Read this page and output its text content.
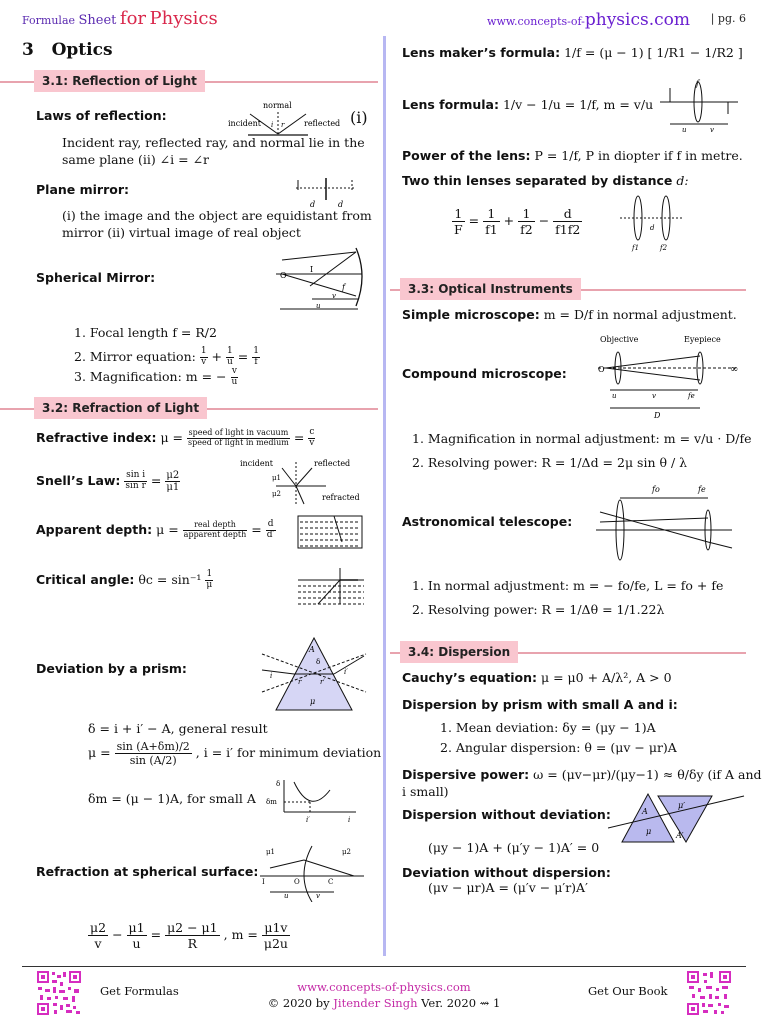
Formulae Sheet for Physics	www.concepts-of-physics.com | pg. 6
3 Optics
3.1: Reflection of Light
Laws of reflection:
normal
incident	reflected
i r	(i)
Incident ray, reflected ray, and normal lie in the same plane (ii) ∠i = ∠r
Plane mirror:
d	d
(i) the image and the object are equidistant from mirror (ii) virtual image of real object
Spherical Mirror:	O
I
f
v
u
1. Focal length f = R/2
2. Mirror equation: $\frac{1}{v} + \frac{1}{u} = \frac{1}{f}$
3. Magnification: m = − $\frac{v}{u}$
3.2: Refraction of Light
Refractive index: $\mu = \frac{\text{speed of light in vacuum}}{\text{speed of light in medium}} = \frac{c}{v}$
Snell’s Law: $\frac{\text{sin i}}{\text{sin r}} = \frac{\mu 2}{\mu 1}$
incident	reflected
refracted
μ1
μ2
Apparent depth: $\mu = \frac{\text{real depth}}{\text{apparent depth}} = \frac{d}{d'}$
Critical angle: $\theta c = \sin^{-1} \frac{1}{\mu}$
Deviation by a prism:
A
δ
i
r	r′
i′
μ
δ = i + i′ − A, general result
$\mu = \frac{\sin (A+\delta m)/2}{\sin (A/2)}$ , i = i′ for minimum deviation
δm = (μ − 1)A, for small A
δ
δm
i′	i
Refraction at spherical surface:
μ1	μ2
I	O	C
u	v
$\frac{\mu 2}{v} - \frac{\mu 1}{u} = \frac{\mu 2 - \mu 1}{R}$ , $m = \frac{\mu 1v}{\mu 2u}$
Lens maker’s formula: 1/f = (μ − 1) [ 1/R1 − 1/R2 ]
Lens formula: 1/v − 1/u = 1/f, m = v/u
f
u	v
Power of the lens: P = 1/f, P in diopter if f in metre.
Two thin lenses separated by distance d:
$\frac{1}{F} = \frac{1}{f1} + \frac{1}{f2} - \frac{d}{f1f2}$	d
f1	f2
3.3: Optical Instruments
Simple microscope: m = D/f in normal adjustment.
Compound microscope:
Objective	Eyepiece
O	∞
u	v	fe
D
1. Magnification in normal adjustment: m = v/u · D/fe
2. Resolving power: R = 1/Δd = 2μ sin θ / λ
Astronomical telescope:
fo	fe
1. In normal adjustment: m = − fo/fe, L = fo + fe
2. Resolving power: R = 1/Δθ = 1/1.22λ
3.4: Dispersion
Cauchy’s equation: μ = μ0 + A/λ², A > 0
Dispersion by prism with small A and i:
1. Mean deviation: δy = (μy − 1)A
2. Angular dispersion: θ = (μv − μr)A
Dispersive power: ω = (μv−μr)/(μy−1) ≈ θ/δy (if A and i small)
Dispersion without deviation:	A
A′
μ
μ′
(μy − 1)A + (μ′y − 1)A′ = 0
Deviation without dispersion:
(μv − μr)A = (μ′v − μ′r)A′
Get Formulas	www.concepts-of-physics.com
© 2020 by Jitender Singh Ver. 2020 ⇝ 1
Get Our Book
